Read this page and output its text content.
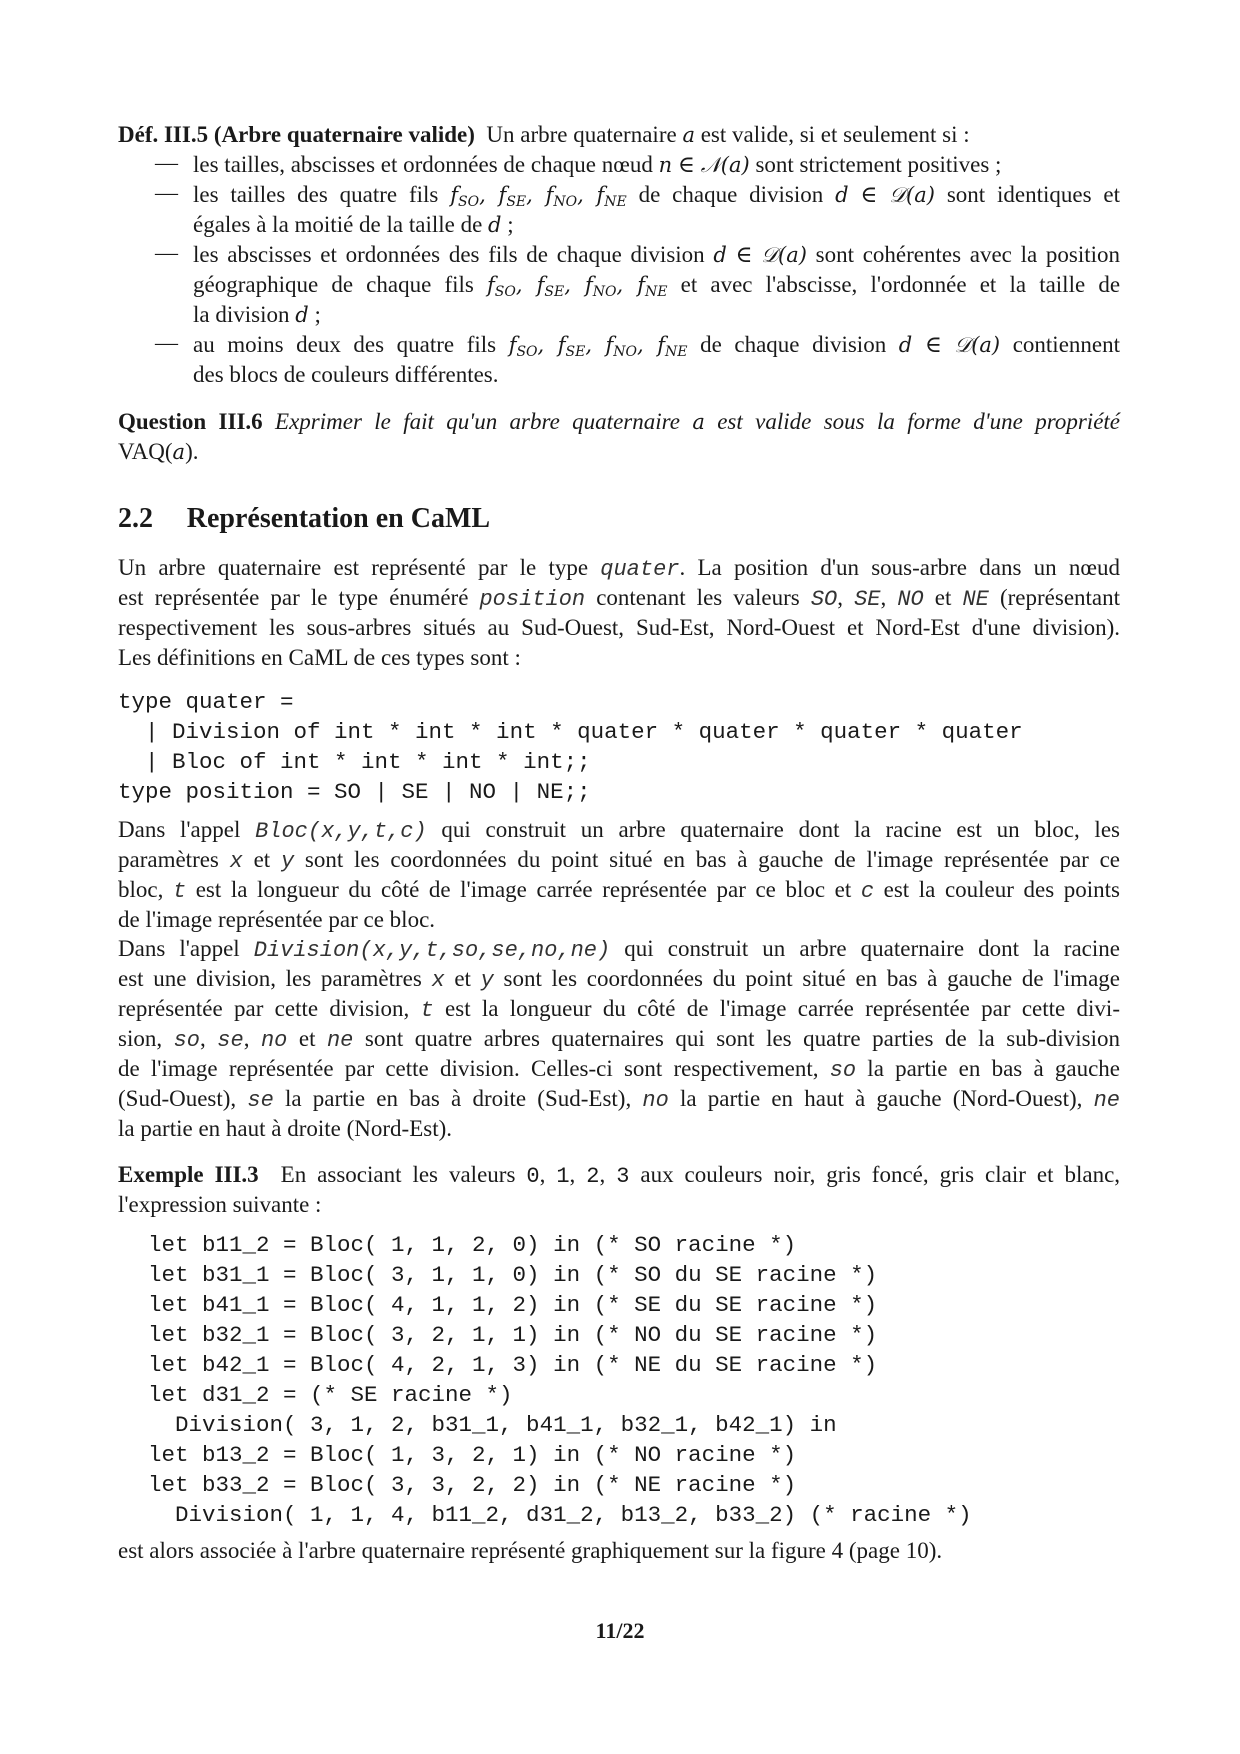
Déf. III.5 (Arbre quaternaire valide) Un arbre quaternaire a est valide, si et seulement si :
— les tailles, abscisses et ordonnées de chaque nœud n ∈ 𝒩(a) sont strictement positives ;
— les tailles des quatre fils $f_{SO}$, $f_{SE}$, $f_{NO}$, $f_{NE}$ de chaque division d ∈ 𝒟(a) sont identiques et
égales à la moitié de la taille de d ;
— les abscisses et ordonnées des fils de chaque division d ∈ 𝒟(a) sont cohérentes avec la position
géographique de chaque fils $f_{SO}$, $f_{SE}$, $f_{NO}$, $f_{NE}$ et avec l'abscisse, l'ordonnée et la taille de
la division d ;
— au moins deux des quatre fils $f_{SO}$, $f_{SE}$, $f_{NO}$, $f_{NE}$ de chaque division d ∈ 𝒟(a) contiennent
des blocs de couleurs différentes.
Question III.6 Exprimer le fait qu'un arbre quaternaire a est valide sous la forme d'une propriété
VAQ(a).
2.2 Représentation en CaML
Un arbre quaternaire est représenté par le type quater. La position d'un sous-arbre dans un nœud
est représentée par le type énuméré position contenant les valeurs SO, SE, NO et NE (représentant
respectivement les sous-arbres situés au Sud-Ouest, Sud-Est, Nord-Ouest et Nord-Est d'une division).
Les définitions en CaML de ces types sont :
type quater =
| Division of int * int * int * quater * quater * quater * quater
| Bloc of int * int * int * int;;
type position = SO | SE | NO | NE;;
Dans l'appel Bloc(x,y,t,c) qui construit un arbre quaternaire dont la racine est un bloc, les
paramètres x et y sont les coordonnées du point situé en bas à gauche de l'image représentée par ce
bloc, t est la longueur du côté de l'image carrée représentée par ce bloc et c est la couleur des points
de l'image représentée par ce bloc.
Dans l'appel Division(x,y,t,so,se,no,ne) qui construit un arbre quaternaire dont la racine
est une division, les paramètres x et y sont les coordonnées du point situé en bas à gauche de l'image
représentée par cette division, t est la longueur du côté de l'image carrée représentée par cette divi-
sion, so, se, no et ne sont quatre arbres quaternaires qui sont les quatre parties de la sub-division
de l'image représentée par cette division. Celles-ci sont respectivement, so la partie en bas à gauche
(Sud-Ouest), se la partie en bas à droite (Sud-Est), no la partie en haut à gauche (Nord-Ouest), ne
la partie en haut à droite (Nord-Est).
Exemple III.3  En associant les valeurs 0, 1, 2, 3 aux couleurs noir, gris foncé, gris clair et blanc,
l'expression suivante :
let b11_2 = Bloc( 1, 1, 2, 0) in (* SO racine *)
let b31_1 = Bloc( 3, 1, 1, 0) in (* SO du SE racine *)
let b41_1 = Bloc( 4, 1, 1, 2) in (* SE du SE racine *)
let b32_1 = Bloc( 3, 2, 1, 1) in (* NO du SE racine *)
let b42_1 = Bloc( 4, 2, 1, 3) in (* NE du SE racine *)
let d31_2 = (* SE racine *)
Division( 3, 1, 2, b31_1, b41_1, b32_1, b42_1) in
let b13_2 = Bloc( 1, 3, 2, 1) in (* NO racine *)
let b33_2 = Bloc( 3, 3, 2, 2) in (* NE racine *)
Division( 1, 1, 4, b11_2, d31_2, b13_2, b33_2) (* racine *)
est alors associée à l'arbre quaternaire représenté graphiquement sur la figure 4 (page 10).
11/22
